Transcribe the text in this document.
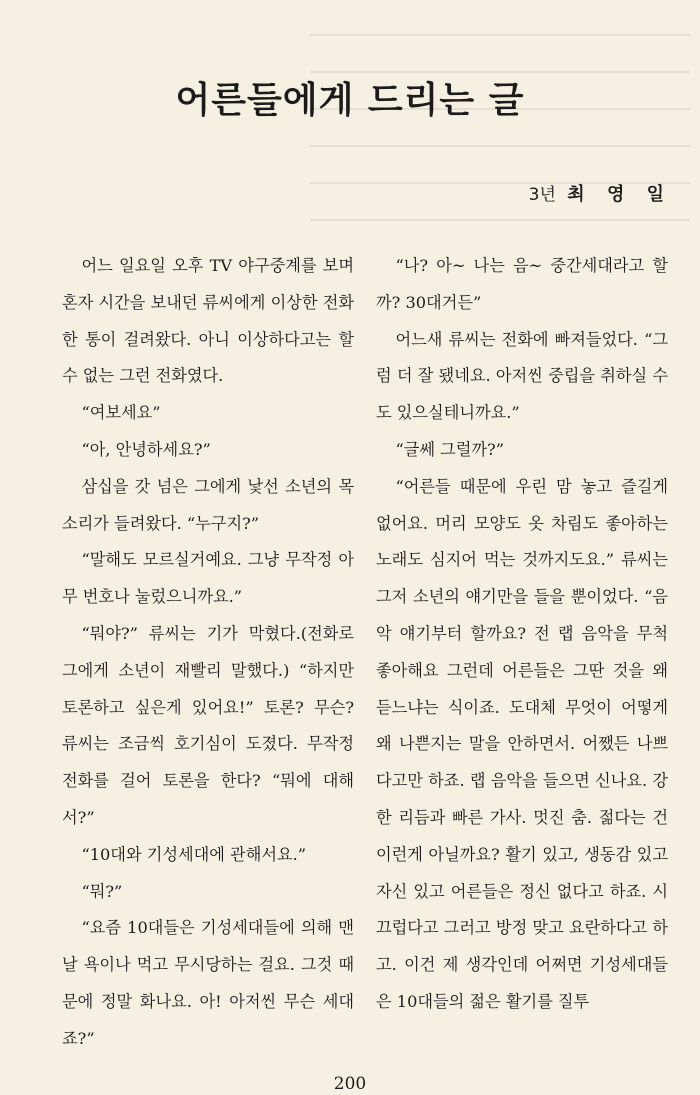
어른들에게 드리는 글
3년 최 영 일

어느 일요일 오후 TV 야구중계를 보며 혼자 시간을 보내던 류씨에게 이상한 전화 한 통이 걸려왔다. 아니 이상하다고는 할 수 없는 그런 전화였다.

“여보세요”

“아, 안녕하세요?”

삼십을 갓 넘은 그에게 낯선 소년의 목소리가 들려왔다. “누구지?”

“말해도 모르실거예요. 그냥 무작정 아무 번호나 눌렀으니까요.”

“뭐야?” 류씨는 기가 막혔다.(전화로 그에게 소년이 재빨리 말했다.) “하지만 토론하고 싶은게 있어요!” 토론? 무슨? 류씨는 조금씩 호기심이 도졌다. 무작정 전화를 걸어 토론을 한다? “뭐에 대해서?”

“10대와 기성세대에 관해서요.”

“뭐?”

“요즘 10대들은 기성세대들에 의해 맨날 욕이나 먹고 무시당하는 걸요. 그것 때문에 정말 화나요. 아! 아저씬 무슨 세대죠?”

“나? 아~ 나는 음~ 중간세대라고 할까? 30대거든”

어느새 류씨는 전화에 빠져들었다. “그럼 더 잘 됐네요. 아저씬 중립을 취하실 수도 있으실테니까요.”

“글쎄 그럴까?”

“어른들 때문에 우린 맘 놓고 즐길게 없어요. 머리 모양도 옷 차림도 좋아하는 노래도 심지어 먹는 것까지도요.” 류씨는 그저 소년의 얘기만을 들을 뿐이었다. “음악 얘기부터 할까요? 전 랩 음악을 무척 좋아해요 그런데 어른들은 그딴 것을 왜 듣느냐는 식이죠. 도대체 무엇이 어떻게 왜 나쁜지는 말을 안하면서. 어쨌든 나쁘다고만 하죠. 랩 음악을 들으면 신나요. 강한 리듬과 빠른 가사. 멋진 춤. 젊다는 건 이런게 아닐까요? 활기 있고, 생동감 있고 자신 있고 어른들은 정신 없다고 하죠. 시끄럽다고 그러고 방정 맞고 요란하다고 하고. 이건 제 생각인데 어쩌면 기성세대들은 10대들의 젊은 활기를 질투

200
